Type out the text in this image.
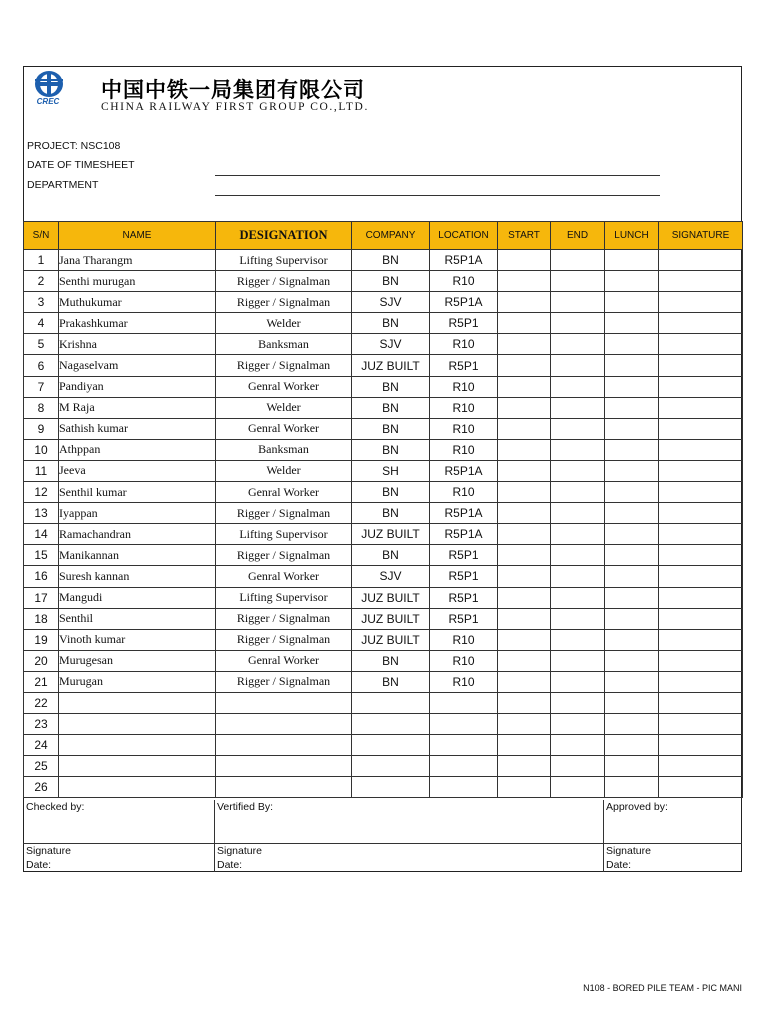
CREC 中国中铁一局集团有限公司
CHINA RAILWAY FIRST GROUP CO.,LTD.
PROJECT: NSC108
DATE OF TIMESHEET
DEPARTMENT
S/N	NAME	DESIGNATION	COMPANY	LOCATION	START	END	LUNCH	SIGNATURE
1	Jana Tharangm	Lifting Supervisor	BN	R5P1A				
2	Senthi murugan	Rigger / Signalman	BN	R10				
3	Muthukumar	Rigger / Signalman	SJV	R5P1A				
4	Prakashkumar	Welder	BN	R5P1				
5	Krishna	Banksman	SJV	R10				
6	Nagaselvam	Rigger / Signalman	JUZ BUILT	R5P1				
7	Pandiyan	Genral Worker	BN	R10				
8	M Raja	Welder	BN	R10				
9	Sathish kumar	Genral Worker	BN	R10				
10	Athppan	Banksman	BN	R10				
11	Jeeva	Welder	SH	R5P1A				
12	Senthil kumar	Genral Worker	BN	R10				
13	Iyappan	Rigger / Signalman	BN	R5P1A				
14	Ramachandran	Lifting Supervisor	JUZ BUILT	R5P1A				
15	Manikannan	Rigger / Signalman	BN	R5P1				
16	Suresh kannan	Genral Worker	SJV	R5P1				
17	Mangudi	Lifting Supervisor	JUZ BUILT	R5P1				
18	Senthil	Rigger / Signalman	JUZ BUILT	R5P1				
19	Vinoth kumar	Rigger / Signalman	JUZ BUILT	R10				
20	Murugesan	Genral Worker	BN	R10				
21	Murugan	Rigger / Signalman	BN	R10				
22								
23								
24								
25								
26								
Checked by:	Vertified By:	Approved by:
Signature
Date:
Signature
Date:
Signature
Date:
N108 - BORED PILE TEAM - PIC MANI
